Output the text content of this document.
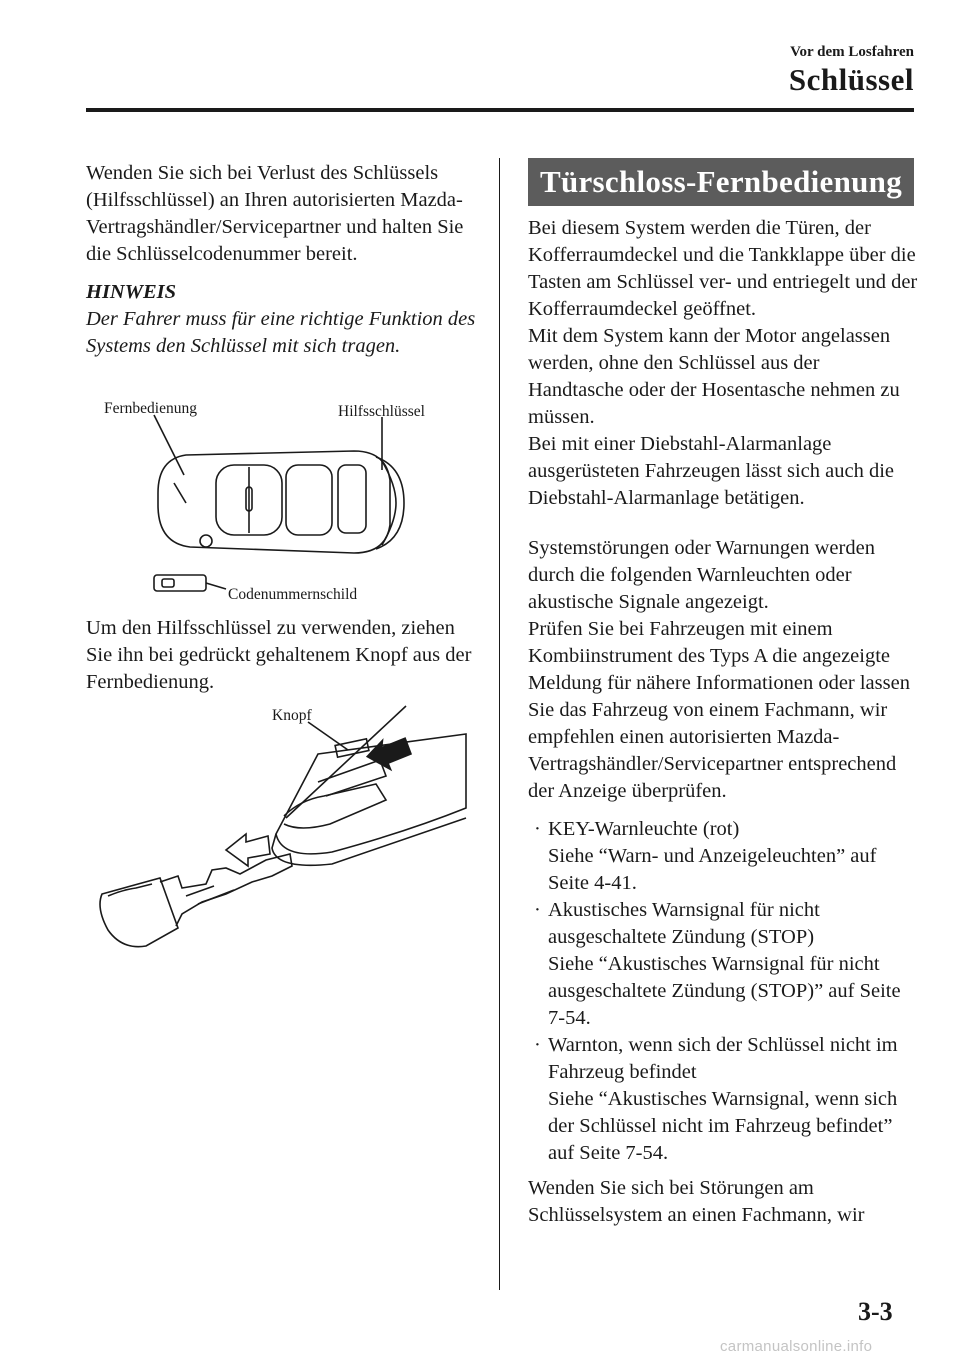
Vor dem Losfahren
Schlüssel

Wenden Sie sich bei Verlust des Schlüssels (Hilfsschlüssel) an Ihren autorisierten Mazda-Vertragshändler/Servicepartner und halten Sie die Schlüsselcodenummer bereit.

HINWEIS
Der Fahrer muss für eine richtige Funktion des Systems den Schlüssel mit sich tragen.
Fernbedienung	Hilfsschlüssel
Codenummernschild

Um den Hilfsschlüssel zu verwenden, ziehen Sie ihn bei gedrückt gehaltenem Knopf aus der Fernbedienung.

Knopf
Türschloss-Fernbedienung

Bei diesem System werden die Türen, der Kofferraumdeckel und die Tankklappe über die Tasten am Schlüssel ver- und entriegelt und der Kofferraumdeckel geöffnet.

Mit dem System kann der Motor angelassen werden, ohne den Schlüssel aus der Handtasche oder der Hosentasche nehmen zu müssen.

Bei mit einer Diebstahl-Alarmanlage ausgerüsteten Fahrzeugen lässt sich auch die Diebstahl-Alarmanlage betätigen.

Systemstörungen oder Warnungen werden durch die folgenden Warnleuchten oder akustische Signale angezeigt.

Prüfen Sie bei Fahrzeugen mit einem Kombiinstrument des Typs A die angezeigte Meldung für nähere Informationen oder lassen Sie das Fahrzeug von einem Fachmann, wir empfehlen einen autorisierten Mazda-Vertragshändler/Servicepartner entsprechend der Anzeige überprüfen.

· KEY-Warnleuchte (rot)
Siehe “Warn- und Anzeigeleuchten” auf Seite 4-41.
· Akustisches Warnsignal für nicht ausgeschaltete Zündung (STOP)
Siehe “Akustisches Warnsignal für nicht ausgeschaltete Zündung (STOP)” auf Seite 7-54.
· Warnton, wenn sich der Schlüssel nicht im Fahrzeug befindet
Siehe “Akustisches Warnsignal, wenn sich der Schlüssel nicht im Fahrzeug befindet” auf Seite 7-54.

Wenden Sie sich bei Störungen am Schlüsselsystem an einen Fachmann, wir

3-3
carmanualsonline.info
